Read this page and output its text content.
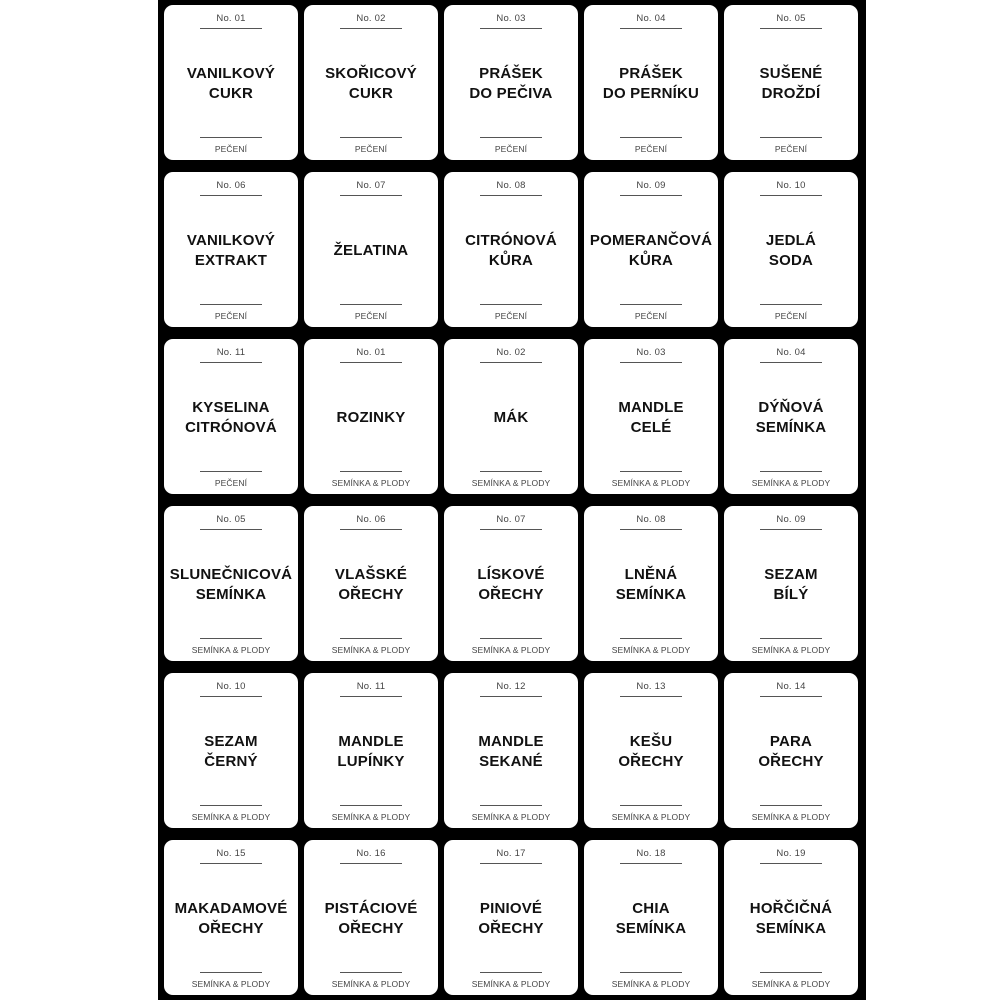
No. 01
VANILKOVÝ
CUKR
PEČENÍ
No. 02
SKOŘICOVÝ
CUKR
PEČENÍ
No. 03
PRÁŠEK
DO PEČIVA
PEČENÍ
No. 04
PRÁŠEK
DO PERNÍKU
PEČENÍ
No. 05
SUŠENÉ
DROŽDÍ
PEČENÍ
No. 06
VANILKOVÝ
EXTRAKT
PEČENÍ
No. 07
ŽELATINA
PEČENÍ
No. 08
CITRÓNOVÁ
KŮRA
PEČENÍ
No. 09
POMERANČOVÁ
KŮRA
PEČENÍ
No. 10
JEDLÁ
SODA
PEČENÍ
No. 11
KYSELINA
CITRÓNOVÁ
PEČENÍ
No. 01
ROZINKY
SEMÍNKA & PLODY
No. 02
MÁK
SEMÍNKA & PLODY
No. 03
MANDLE
CELÉ
SEMÍNKA & PLODY
No. 04
DÝŇOVÁ
SEMÍNKA
SEMÍNKA & PLODY
No. 05
SLUNEČNICOVÁ
SEMÍNKA
SEMÍNKA & PLODY
No. 06
VLAŠSKÉ
OŘECHY
SEMÍNKA & PLODY
No. 07
LÍSKOVÉ
OŘECHY
SEMÍNKA & PLODY
No. 08
LNĚNÁ
SEMÍNKA
SEMÍNKA & PLODY
No. 09
SEZAM
BÍLÝ
SEMÍNKA & PLODY
No. 10
SEZAM
ČERNÝ
SEMÍNKA & PLODY
No. 11
MANDLE
LUPÍNKY
SEMÍNKA & PLODY
No. 12
MANDLE
SEKANÉ
SEMÍNKA & PLODY
No. 13
KEŠU
OŘECHY
SEMÍNKA & PLODY
No. 14
PARA
OŘECHY
SEMÍNKA & PLODY
No. 15
MAKADAMOVÉ
OŘECHY
SEMÍNKA & PLODY
No. 16
PISTÁCIOVÉ
OŘECHY
SEMÍNKA & PLODY
No. 17
PINIOVÉ
OŘECHY
SEMÍNKA & PLODY
No. 18
CHIA
SEMÍNKA
SEMÍNKA & PLODY
No. 19
HOŘČIČNÁ
SEMÍNKA
SEMÍNKA & PLODY
